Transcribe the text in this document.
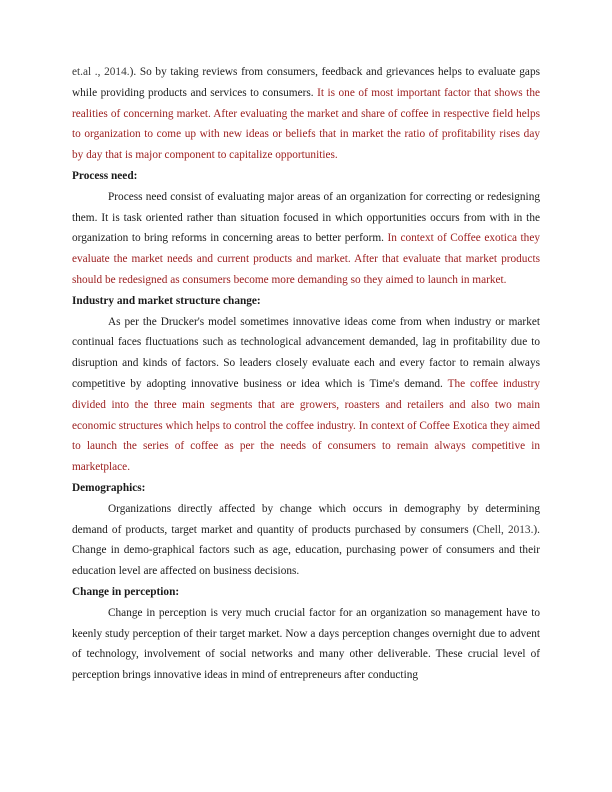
et.al ., 2014.). So by taking reviews from consumers, feedback and grievances helps to evaluate gaps while providing products and services to consumers. It is one of most important factor that shows the realities of concerning market. After evaluating the market and share of coffee in respective field helps to organization to come up with new ideas or beliefs that in market the ratio of profitability rises day by day that is major component to capitalize opportunities.

Process need:

Process need consist of evaluating major areas of an organization for correcting or redesigning them. It is task oriented rather than situation focused in which opportunities occurs from with in the organization to bring reforms in concerning areas to better perform. In context of Coffee exotica they evaluate the market needs and current products and market. After that evaluate that market products should be redesigned as consumers become more demanding so they aimed to launch in market.

Industry and market structure change:

As per the Drucker's model sometimes innovative ideas come from when industry or market continual faces fluctuations such as technological advancement demanded, lag in profitability due to disruption and kinds of factors. So leaders closely evaluate each and every factor to remain always competitive by adopting innovative business or idea which is Time's demand. The coffee industry divided into the three main segments that are growers, roasters and retailers and also two main economic structures which helps to control the coffee industry. In context of Coffee Exotica they aimed to launch the series of coffee as per the needs of consumers to remain always competitive in marketplace.

Demographics:

Organizations directly affected by change which occurs in demography by determining demand of products, target market and quantity of products purchased by consumers (Chell, 2013.). Change in demo-graphical factors such as age, education, purchasing power of consumers and their education level are affected on business decisions.

Change in perception:

Change in perception is very much crucial factor for an organization so management have to keenly study perception of their target market. Now a days perception changes overnight due to advent of technology, involvement of social networks and many other deliverable. These crucial level of perception brings innovative ideas in mind of entrepreneurs after conducting
